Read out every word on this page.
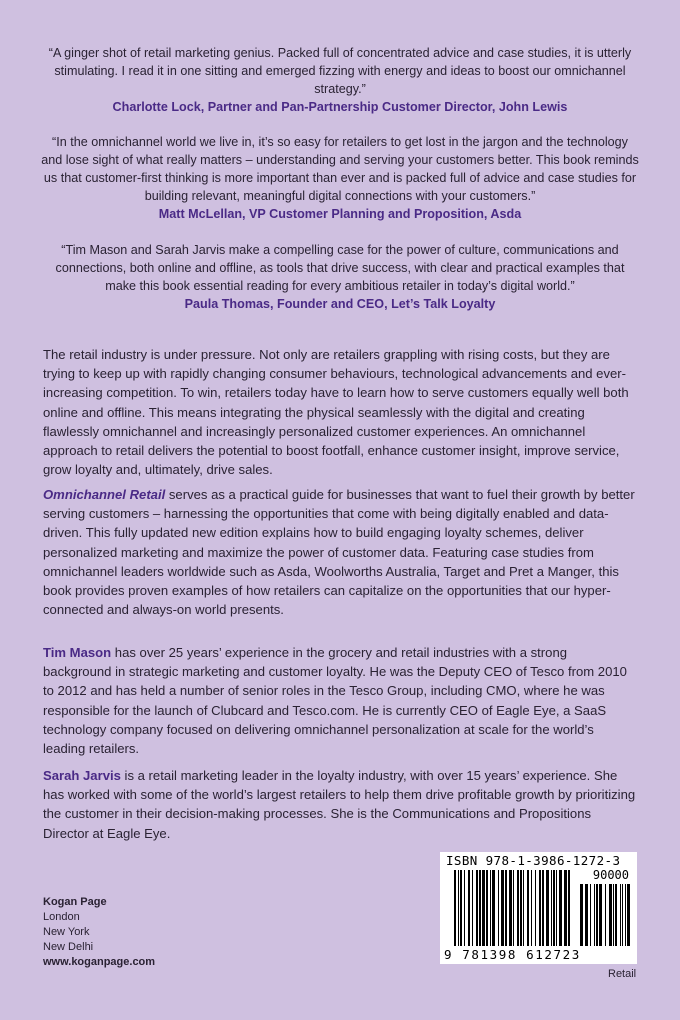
“A ginger shot of retail marketing genius. Packed full of concentrated advice and case studies, it is utterly stimulating. I read it in one sitting and emerged fizzing with energy and ideas to boost our omnichannel strategy.”
Charlotte Lock, Partner and Pan-Partnership Customer Director, John Lewis
“In the omnichannel world we live in, it’s so easy for retailers to get lost in the jargon and the technology and lose sight of what really matters – understanding and serving your customers better. This book reminds us that customer-first thinking is more important than ever and is packed full of advice and case studies for building relevant, meaningful digital connections with your customers.”
Matt McLellan, VP Customer Planning and Proposition, Asda
“Tim Mason and Sarah Jarvis make a compelling case for the power of culture, communications and connections, both online and offline, as tools that drive success, with clear and practical examples that make this book essential reading for every ambitious retailer in today’s digital world.”
Paula Thomas, Founder and CEO, Let’s Talk Loyalty
The retail industry is under pressure. Not only are retailers grappling with rising costs, but they are trying to keep up with rapidly changing consumer behaviours, technological advancements and ever-increasing competition. To win, retailers today have to learn how to serve customers equally well both online and offline. This means integrating the physical seamlessly with the digital and creating flawlessly omnichannel and increasingly personalized customer experiences. An omnichannel approach to retail delivers the potential to boost footfall, enhance customer insight, improve service, grow loyalty and, ultimately, drive sales.
Omnichannel Retail serves as a practical guide for businesses that want to fuel their growth by better serving customers – harnessing the opportunities that come with being digitally enabled and data-driven. This fully updated new edition explains how to build engaging loyalty schemes, deliver personalized marketing and maximize the power of customer data. Featuring case studies from omnichannel leaders worldwide such as Asda, Woolworths Australia, Target and Pret a Manger, this book provides proven examples of how retailers can capitalize on the opportunities that our hyper-connected and always-on world presents.
Tim Mason has over 25 years’ experience in the grocery and retail industries with a strong background in strategic marketing and customer loyalty. He was the Deputy CEO of Tesco from 2010 to 2012 and has held a number of senior roles in the Tesco Group, including CMO, where he was responsible for the launch of Clubcard and Tesco.com. He is currently CEO of Eagle Eye, a SaaS technology company focused on delivering omnichannel personalization at scale for the world’s leading retailers.
Sarah Jarvis is a retail marketing leader in the loyalty industry, with over 15 years’ experience. She has worked with some of the world’s largest retailers to help them drive profitable growth by prioritizing the customer in their decision-making processes. She is the Communications and Propositions Director at Eagle Eye.
Kogan Page
London
New York
New Delhi
www.koganpage.com
ISBN 978-1-3986-1272-3
90000
9 781398 612723
Retail
